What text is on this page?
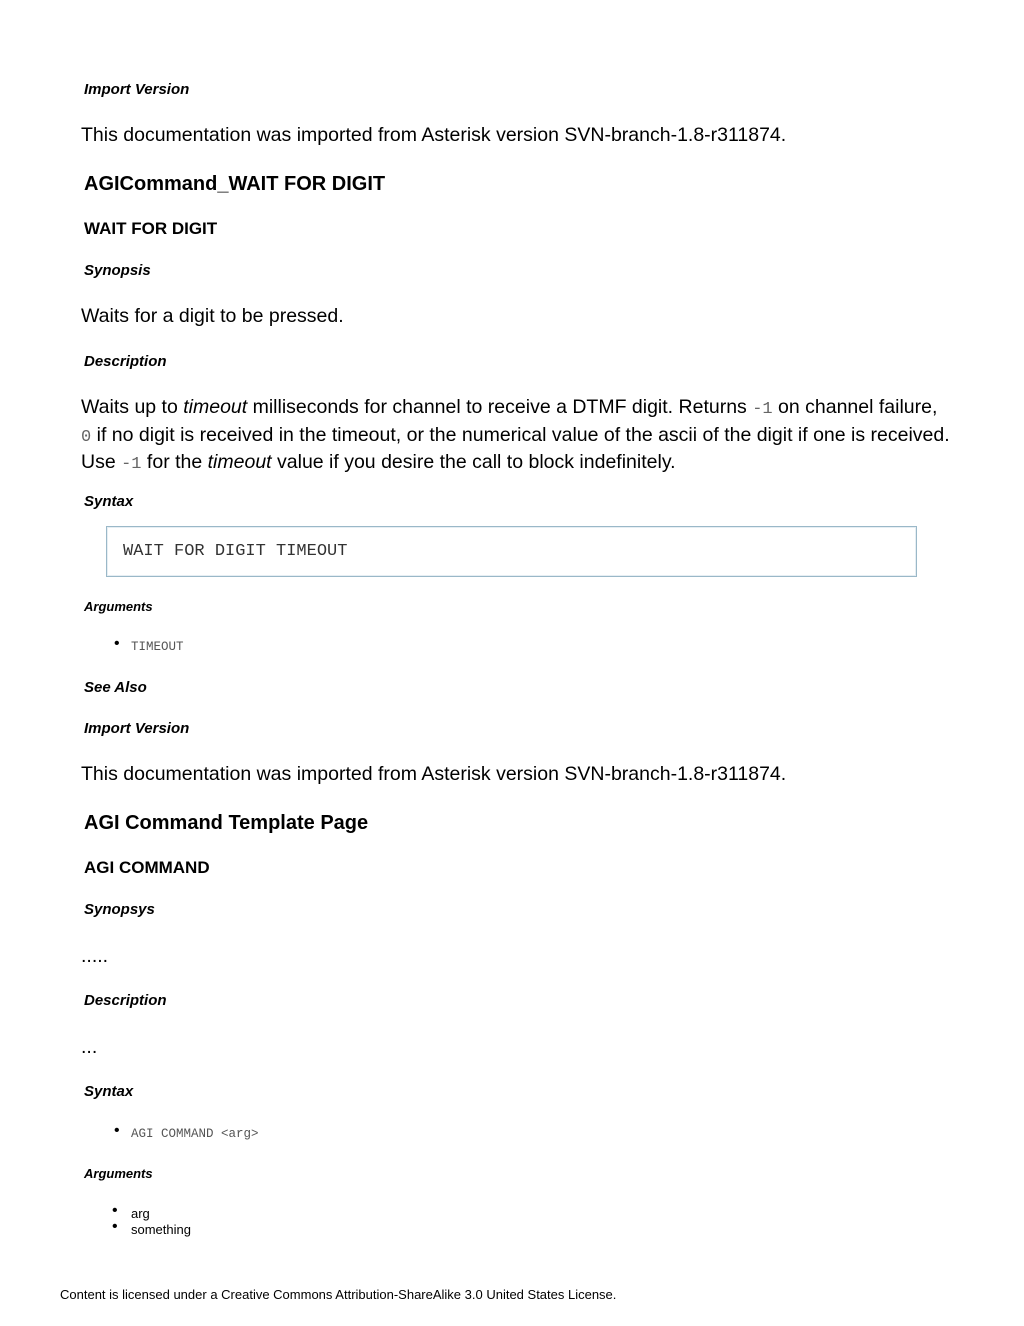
Import Version
This documentation was imported from Asterisk version SVN-branch-1.8-r311874.
AGICommand_WAIT FOR DIGIT
WAIT FOR DIGIT
Synopsis
Waits for a digit to be pressed.
Description
Waits up to timeout milliseconds for channel to receive a DTMF digit. Returns -1 on channel failure, 0 if no digit is received in the timeout, or the numerical value of the ascii of the digit if one is received. Use -1 for the timeout value if you desire the call to block indefinitely.
Syntax
WAIT FOR DIGIT TIMEOUT
Arguments
• TIMEOUT
See Also
Import Version
This documentation was imported from Asterisk version SVN-branch-1.8-r311874.
AGI Command Template Page
AGI COMMAND
Synopsys
.....
Description
...
Syntax
• AGI COMMAND <arg>
Arguments
• arg
• something
Content is licensed under a Creative Commons Attribution-ShareAlike 3.0 United States License.
